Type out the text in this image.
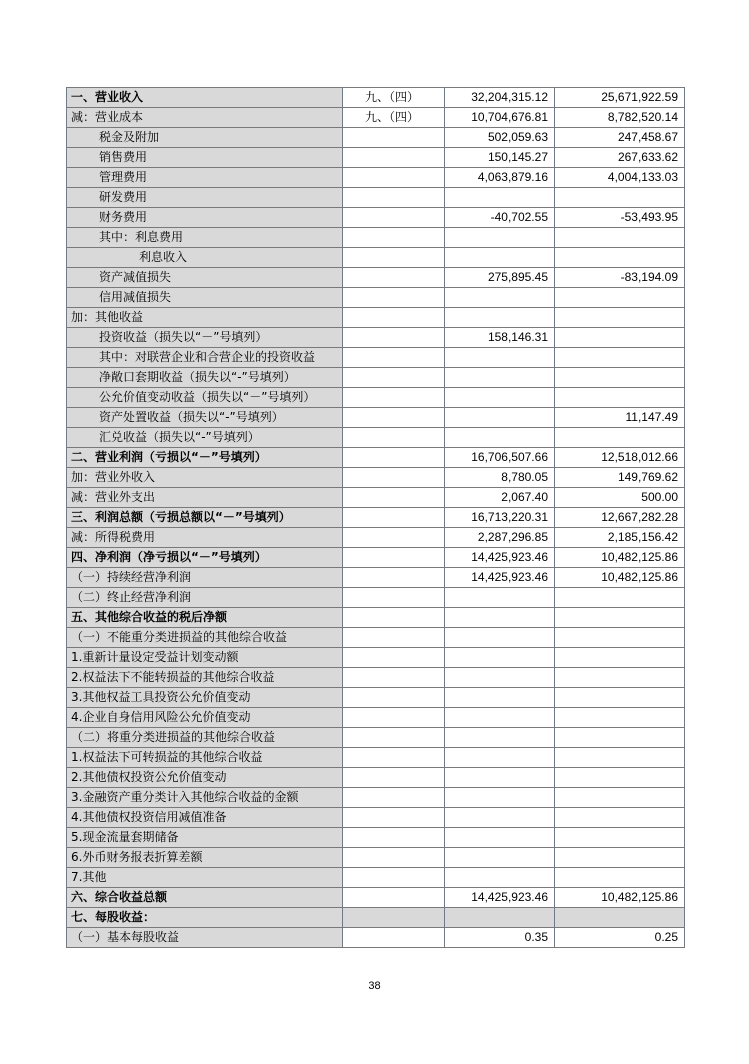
一、营业收入	九、（四）	32,204,315.12	25,671,922.59
减：营业成本	九、（四）	10,704,676.81	8,782,520.14
税金及附加		502,059.63	247,458.67
销售费用		150,145.27	267,633.62
管理费用		4,063,879.16	4,004,133.03
研发费用			
财务费用		-40,702.55	-53,493.95
其中：利息费用			
利息收入			
资产减值损失		275,895.45	-83,194.09
信用减值损失			
加：其他收益			
投资收益（损失以“－”号填列）		158,146.31	
其中：对联营企业和合营企业的投资收益			
净敞口套期收益（损失以“-”号填列）			
公允价值变动收益（损失以“－”号填列）			
资产处置收益（损失以“-”号填列）			11,147.49
汇兑收益（损失以“-”号填列）			
二、营业利润（亏损以“－”号填列）		16,706,507.66	12,518,012.66
加：营业外收入		8,780.05	149,769.62
减：营业外支出		2,067.40	500.00
三、利润总额（亏损总额以“－”号填列）		16,713,220.31	12,667,282.28
减：所得税费用		2,287,296.85	2,185,156.42
四、净利润（净亏损以“－”号填列）		14,425,923.46	10,482,125.86
（一）持续经营净利润		14,425,923.46	10,482,125.86
（二）终止经营净利润			
五、其他综合收益的税后净额			
（一）不能重分类进损益的其他综合收益			
1.重新计量设定受益计划变动额			
2.权益法下不能转损益的其他综合收益			
3.其他权益工具投资公允价值变动			
4.企业自身信用风险公允价值变动			
（二）将重分类进损益的其他综合收益			
1.权益法下可转损益的其他综合收益			
2.其他债权投资公允价值变动			
3.金融资产重分类计入其他综合收益的金额			
4.其他债权投资信用减值准备			
5.现金流量套期储备			
6.外币财务报表折算差额			
7.其他			
六、综合收益总额		14,425,923.46	10,482,125.86
七、每股收益：			
（一）基本每股收益		0.35	0.25
38
